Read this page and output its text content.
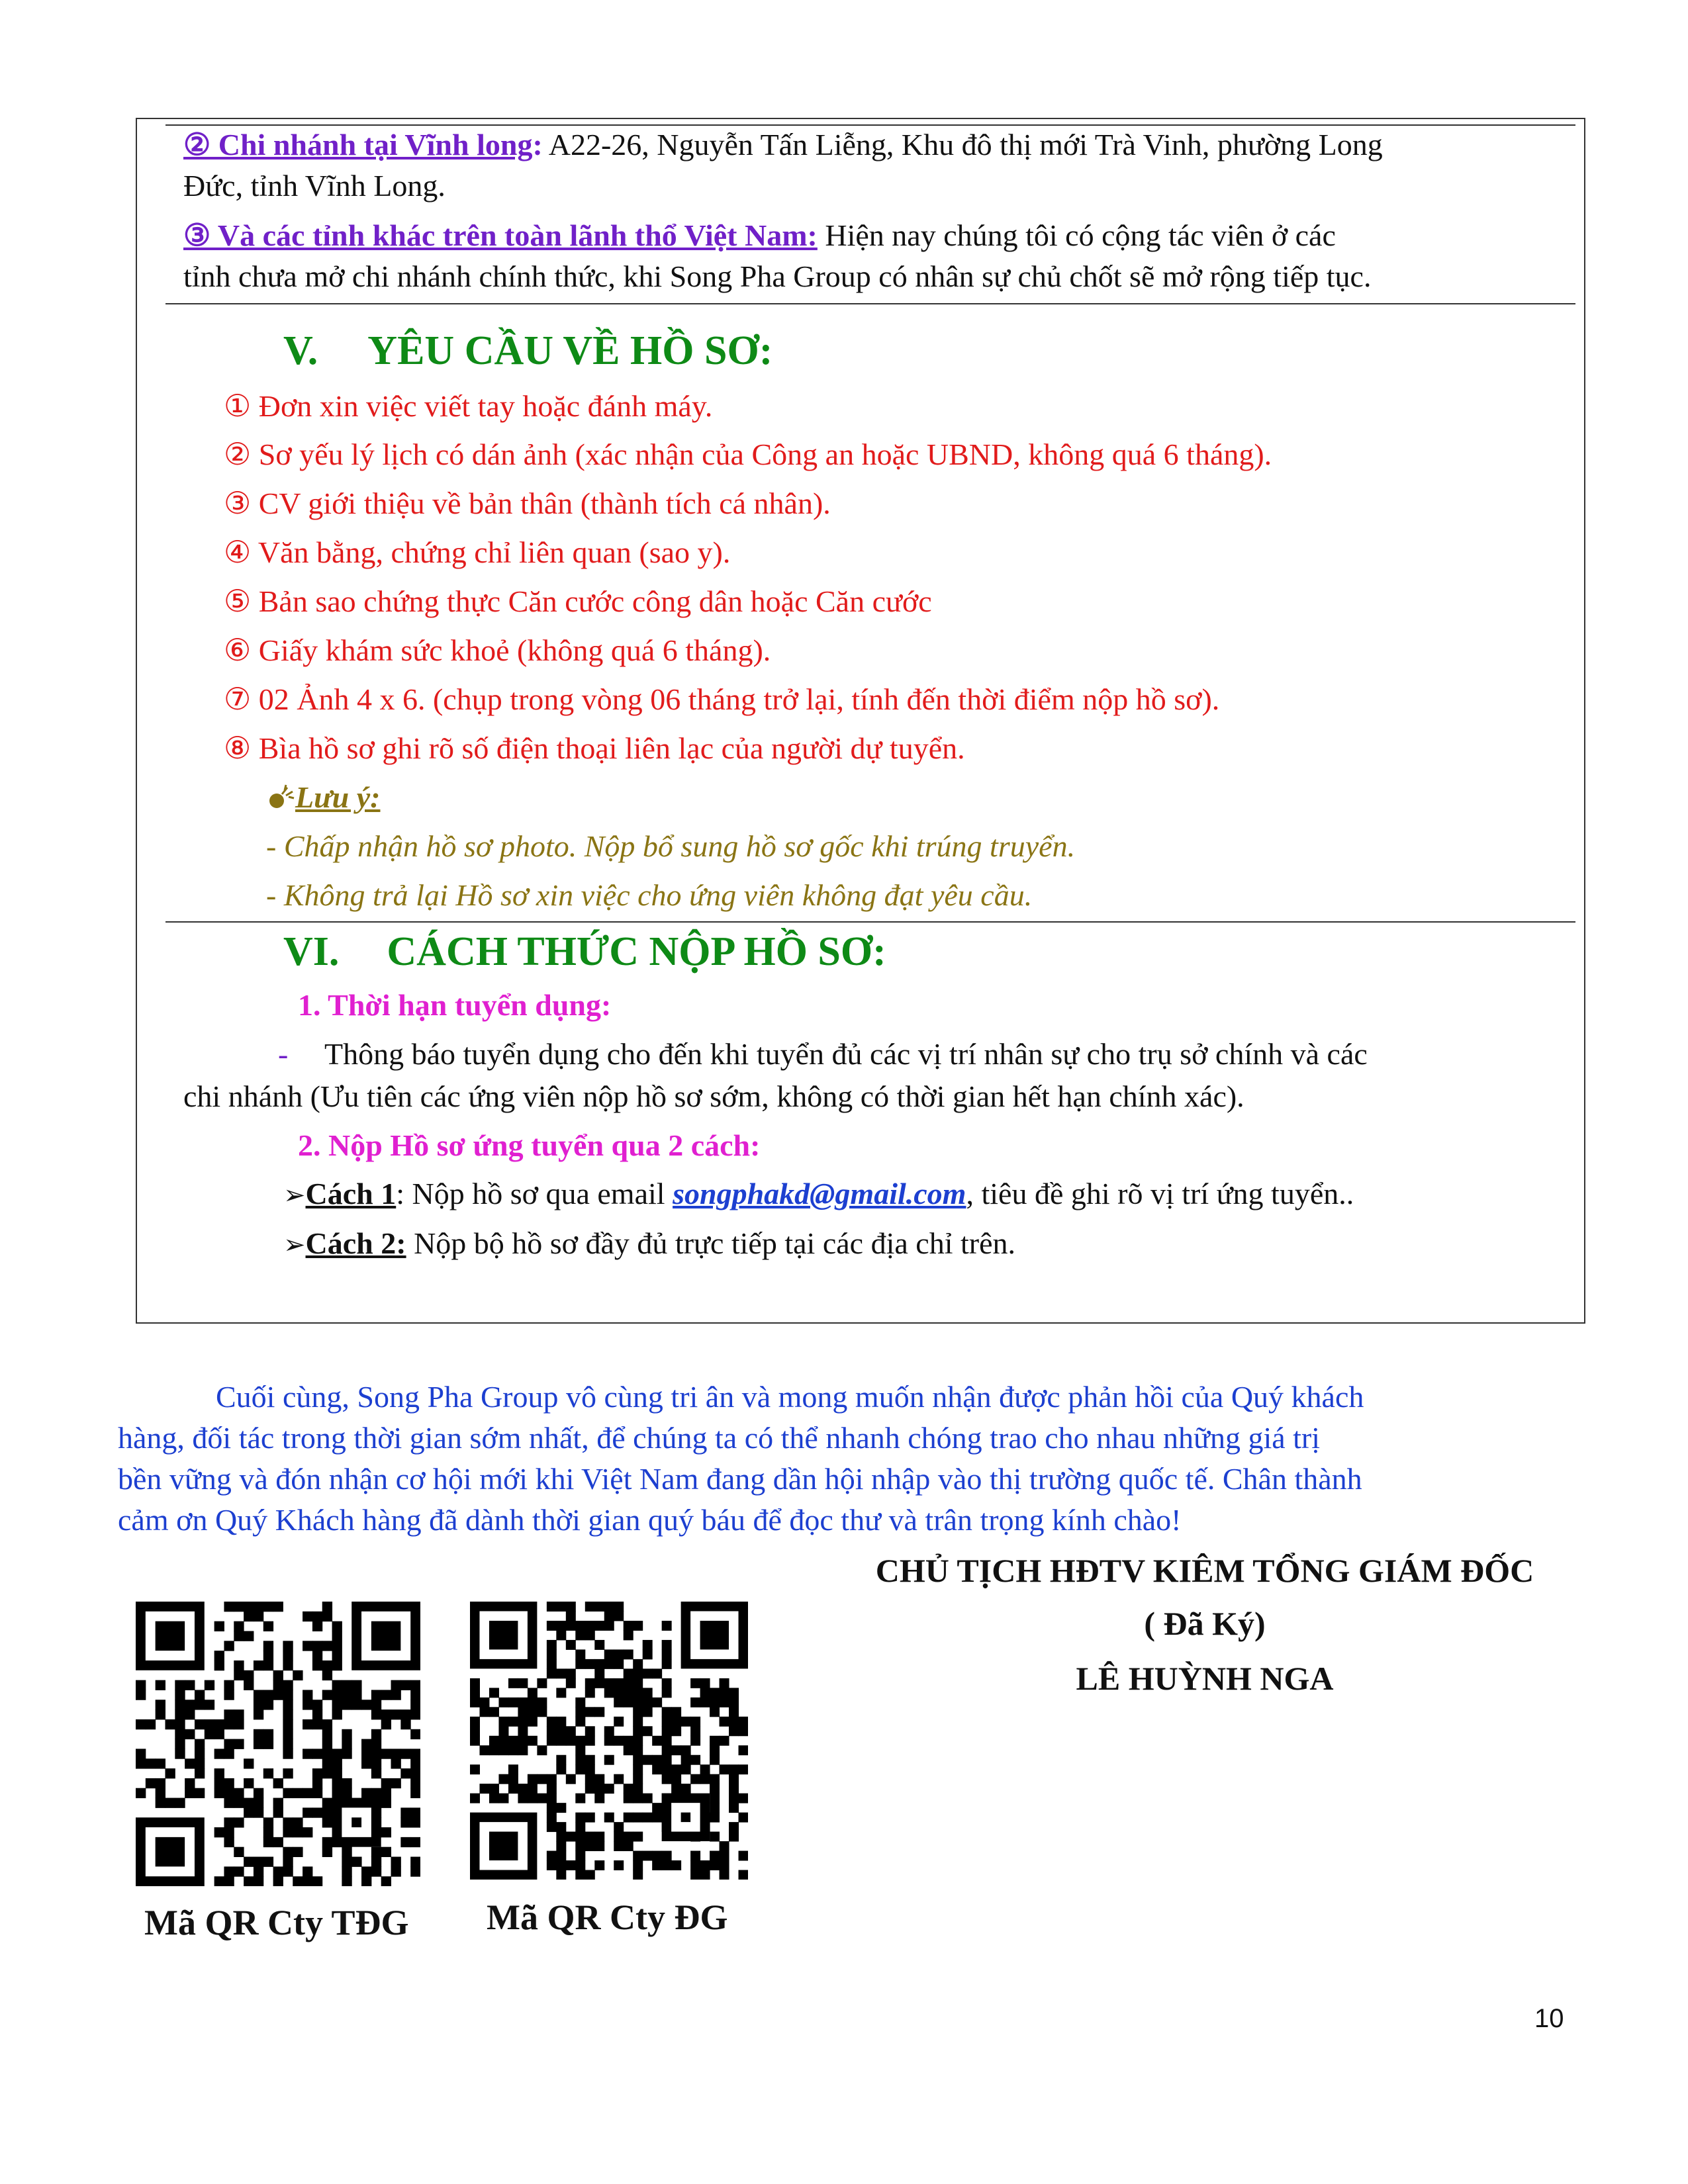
② Chi nhánh tại Vĩnh long: A22-26, Nguyễn Tấn Liễng, Khu đô thị mới Trà Vinh, phường Long
Đức, tỉnh Vĩnh Long.
③ Và các tỉnh khác trên toàn lãnh thổ Việt Nam: Hiện nay chúng tôi có cộng tác viên ở các
tỉnh chưa mở chi nhánh chính thức, khi Song Pha Group có nhân sự chủ chốt sẽ mở rộng tiếp tục.
V. YÊU CẦU VỀ HỒ SƠ:
① Đơn xin việc viết tay hoặc đánh máy.
② Sơ yếu lý lịch có dán ảnh (xác nhận của Công an hoặc UBND, không quá 6 tháng).
③ CV giới thiệu về bản thân (thành tích cá nhân).
④ Văn bằng, chứng chỉ liên quan (sao y).
⑤ Bản sao chứng thực Căn cước công dân hoặc Căn cước
⑥ Giấy khám sức khoẻ (không quá 6 tháng).
⑦ 02 Ảnh 4 x 6. (chụp trong vòng 06 tháng trở lại, tính đến thời điểm nộp hồ sơ).
⑧ Bìa hồ sơ ghi rõ số điện thoại liên lạc của người dự tuyển.
Lưu ý:
- Chấp nhận hồ sơ photo. Nộp bổ sung hồ sơ gốc khi trúng truyển.
- Không trả lại Hồ sơ xin việc cho ứng viên không đạt yêu cầu.
VI. CÁCH THỨC NỘP HỒ SƠ:
1. Thời hạn tuyển dụng:
- Thông báo tuyển dụng cho đến khi tuyển đủ các vị trí nhân sự cho trụ sở chính và các
chi nhánh (Ưu tiên các ứng viên nộp hồ sơ sớm, không có thời gian hết hạn chính xác).
2. Nộp Hồ sơ ứng tuyển qua 2 cách:
➢Cách 1: Nộp hồ sơ qua email songphakd@gmail.com, tiêu đề ghi rõ vị trí ứng tuyển..
➢Cách 2: Nộp bộ hồ sơ đầy đủ trực tiếp tại các địa chỉ trên.
Cuối cùng, Song Pha Group vô cùng tri ân và mong muốn nhận được phản hồi của Quý khách
hàng, đối tác trong thời gian sớm nhất, để chúng ta có thể nhanh chóng trao cho nhau những giá trị
bền vững và đón nhận cơ hội mới khi Việt Nam đang dần hội nhập vào thị trường quốc tế. Chân thành
cảm ơn Quý Khách hàng đã dành thời gian quý báu để đọc thư và trân trọng kính chào!
CHỦ TỊCH HĐTV KIÊM TỔNG GIÁM ĐỐC
( Đã Ký)
LÊ HUỲNH NGA
Mã QR Cty TĐG Mã QR Cty ĐG
10
